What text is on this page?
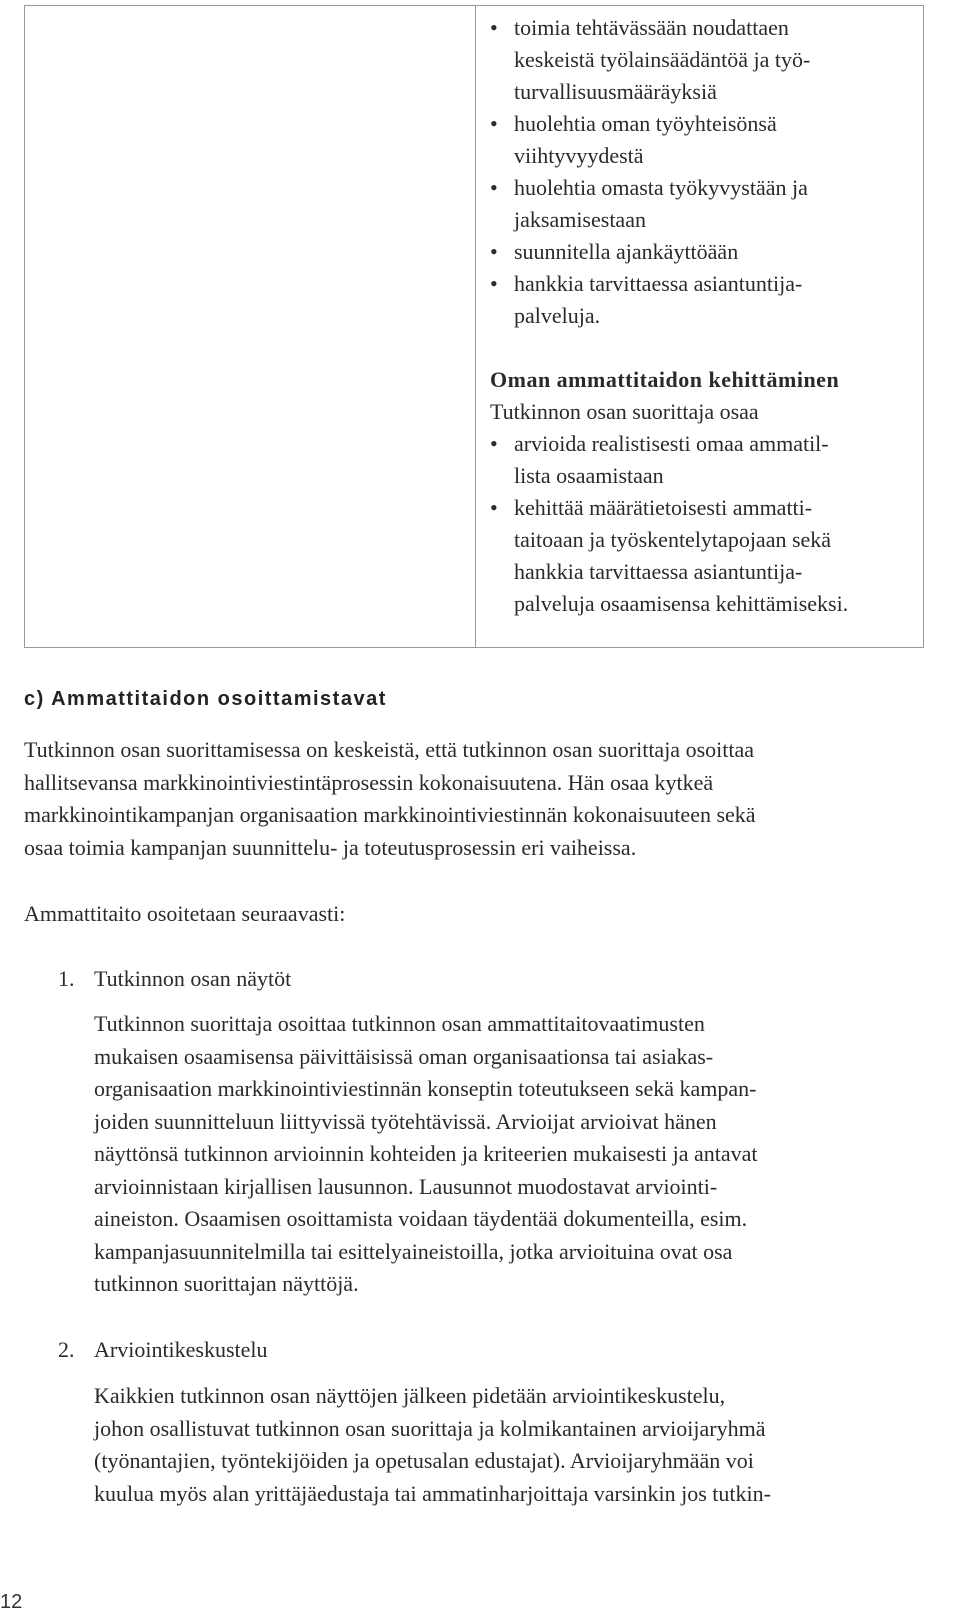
• toimia tehtävässään noudattaen
keskeistä työlainsäädäntöä ja työ-
turvallisuusmääräyksiä
• huolehtia oman työyhteisönsä
viihtyvyydestä
• huolehtia omasta työkyvystään ja
jaksamisestaan
• suunnitella ajankäyttöään
• hankkia tarvittaessa asiantuntija-
palveluja.
Oman ammattitaidon kehittäminen
Tutkinnon osan suorittaja osaa
• arvioida realistisesti omaa ammatil-
lista osaamistaan
• kehittää määrätietoisesti ammatti-
taitoaan ja työskentelytapojaan sekä
hankkia tarvittaessa asiantuntija-
palveluja osaamisensa kehittämiseksi.
c) Ammattitaidon osoittamistavat
Tutkinnon osan suorittamisessa on keskeistä, että tutkinnon osan suorittaja osoittaa
hallitsevansa markkinointiviestintäprosessin kokonaisuutena. Hän osaa kytkeä
markkinointikampanjan organisaation markkinointiviestinnän kokonaisuuteen sekä
osaa toimia kampanjan suunnittelu- ja toteutusprosessin eri vaiheissa.
Ammattitaito osoitetaan seuraavasti:
1. Tutkinnon osan näytöt
Tutkinnon suorittaja osoittaa tutkinnon osan ammattitaitovaatimusten
mukaisen osaamisensa päivittäisissä oman organisaationsa tai asiakas-
organisaation markkinointiviestinnän konseptin toteutukseen sekä kampan-
joiden suunnitteluun liittyvissä työtehtävissä. Arvioijat arvioivat hänen
näyttönsä tutkinnon arvioinnin kohteiden ja kriteerien mukaisesti ja antavat
arvioinnistaan kirjallisen lausunnon. Lausunnot muodostavat arviointi-
aineiston. Osaamisen osoittamista voidaan täydentää dokumenteilla, esim.
kampanjasuunnitelmilla tai esittelyaineistoilla, jotka arvioituina ovat osa
tutkinnon suorittajan näyttöjä.
2. Arviointikeskustelu
Kaikkien tutkinnon osan näyttöjen jälkeen pidetään arviointikeskustelu,
johon osallistuvat tutkinnon osan suorittaja ja kolmikantainen arvioijaryhmä
(työnantajien, työntekijöiden ja opetusalan edustajat). Arvioijaryhmään voi
kuulua myös alan yrittäjäedustaja tai ammatinharjoittaja varsinkin jos tutkin-
12
